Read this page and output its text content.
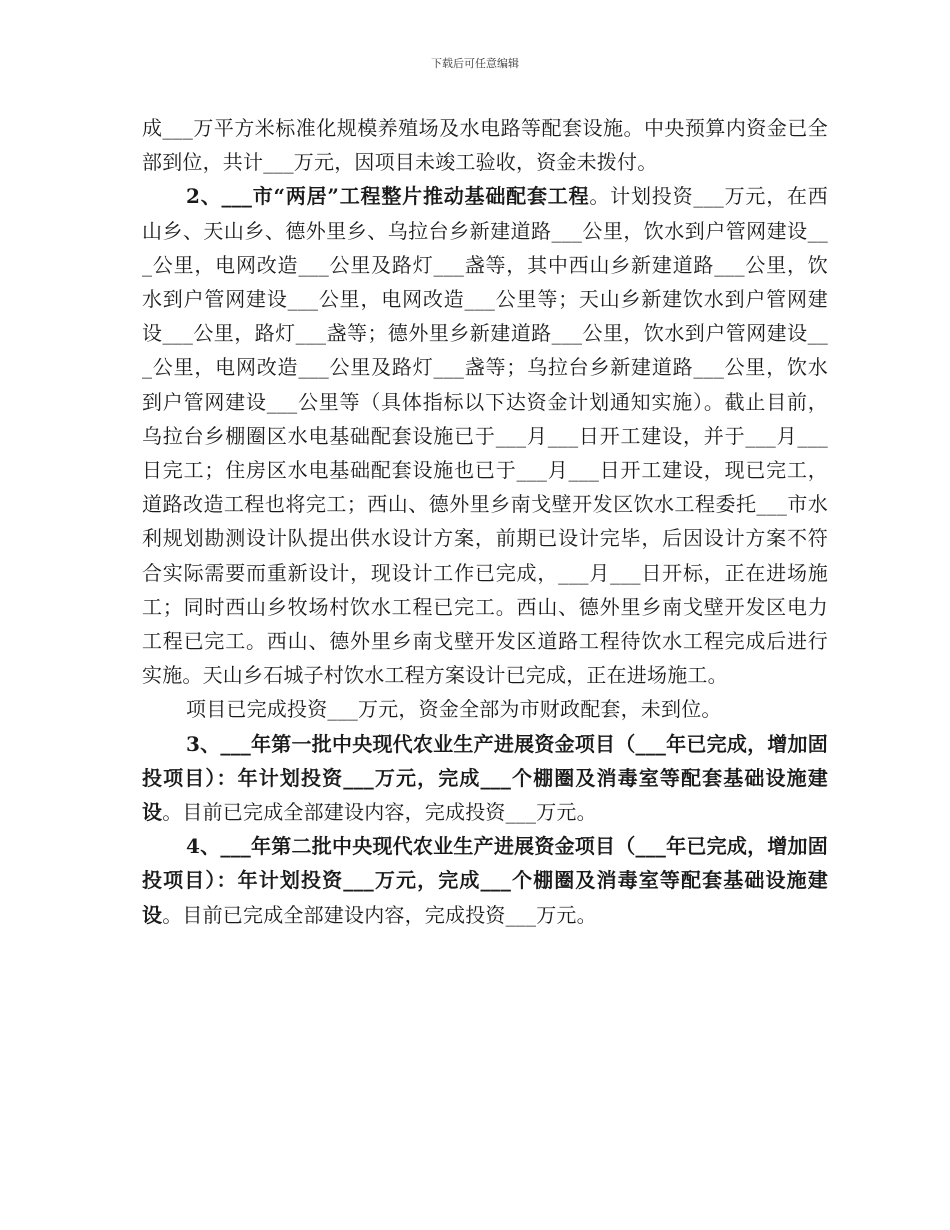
下载后可任意编辑

成___万平方米标准化规模养殖场及水电路等配套设施。中央预算内资金已全部到位，共计___万元，因项目未竣工验收，资金未拨付。

2、___市“两居”工程整片推动基础配套工程。计划投资___万元，在西山乡、天山乡、德外里乡、乌拉台乡新建道路___公里，饮水到户管网建设___公里，电网改造___公里及路灯___盏等，其中西山乡新建道路___公里，饮水到户管网建设___公里，电网改造___公里等；天山乡新建饮水到户管网建设___公里，路灯___盏等；德外里乡新建道路___公里，饮水到户管网建设___公里，电网改造___公里及路灯___盏等；乌拉台乡新建道路___公里，饮水到户管网建设___公里等（具体指标以下达资金计划通知实施）。截止目前，乌拉台乡棚圈区水电基础配套设施已于___月___日开工建设，并于___月___日完工；住房区水电基础配套设施也已于___月___日开工建设，现已完工，道路改造工程也将完工；西山、德外里乡南戈壁开发区饮水工程委托___市水利规划勘测设计队提出供水设计方案，前期已设计完毕，后因设计方案不符合实际需要而重新设计，现设计工作已完成，___月___日开标，正在进场施工；同时西山乡牧场村饮水工程已完工。西山、德外里乡南戈壁开发区电力工程已完工。西山、德外里乡南戈壁开发区道路工程待饮水工程完成后进行实施。天山乡石城子村饮水工程方案设计已完成，正在进场施工。

项目已完成投资___万元，资金全部为市财政配套，未到位。

3、___年第一批中央现代农业生产进展资金项目（___年已完成，增加固投项目）：年计划投资___万元，完成___个棚圈及消毒室等配套基础设施建设。目前已完成全部建设内容，完成投资___万元。

4、___年第二批中央现代农业生产进展资金项目（___年已完成，增加固投项目）：年计划投资___万元，完成___个棚圈及消毒室等配套基础设施建设。目前已完成全部建设内容，完成投资___万元。
